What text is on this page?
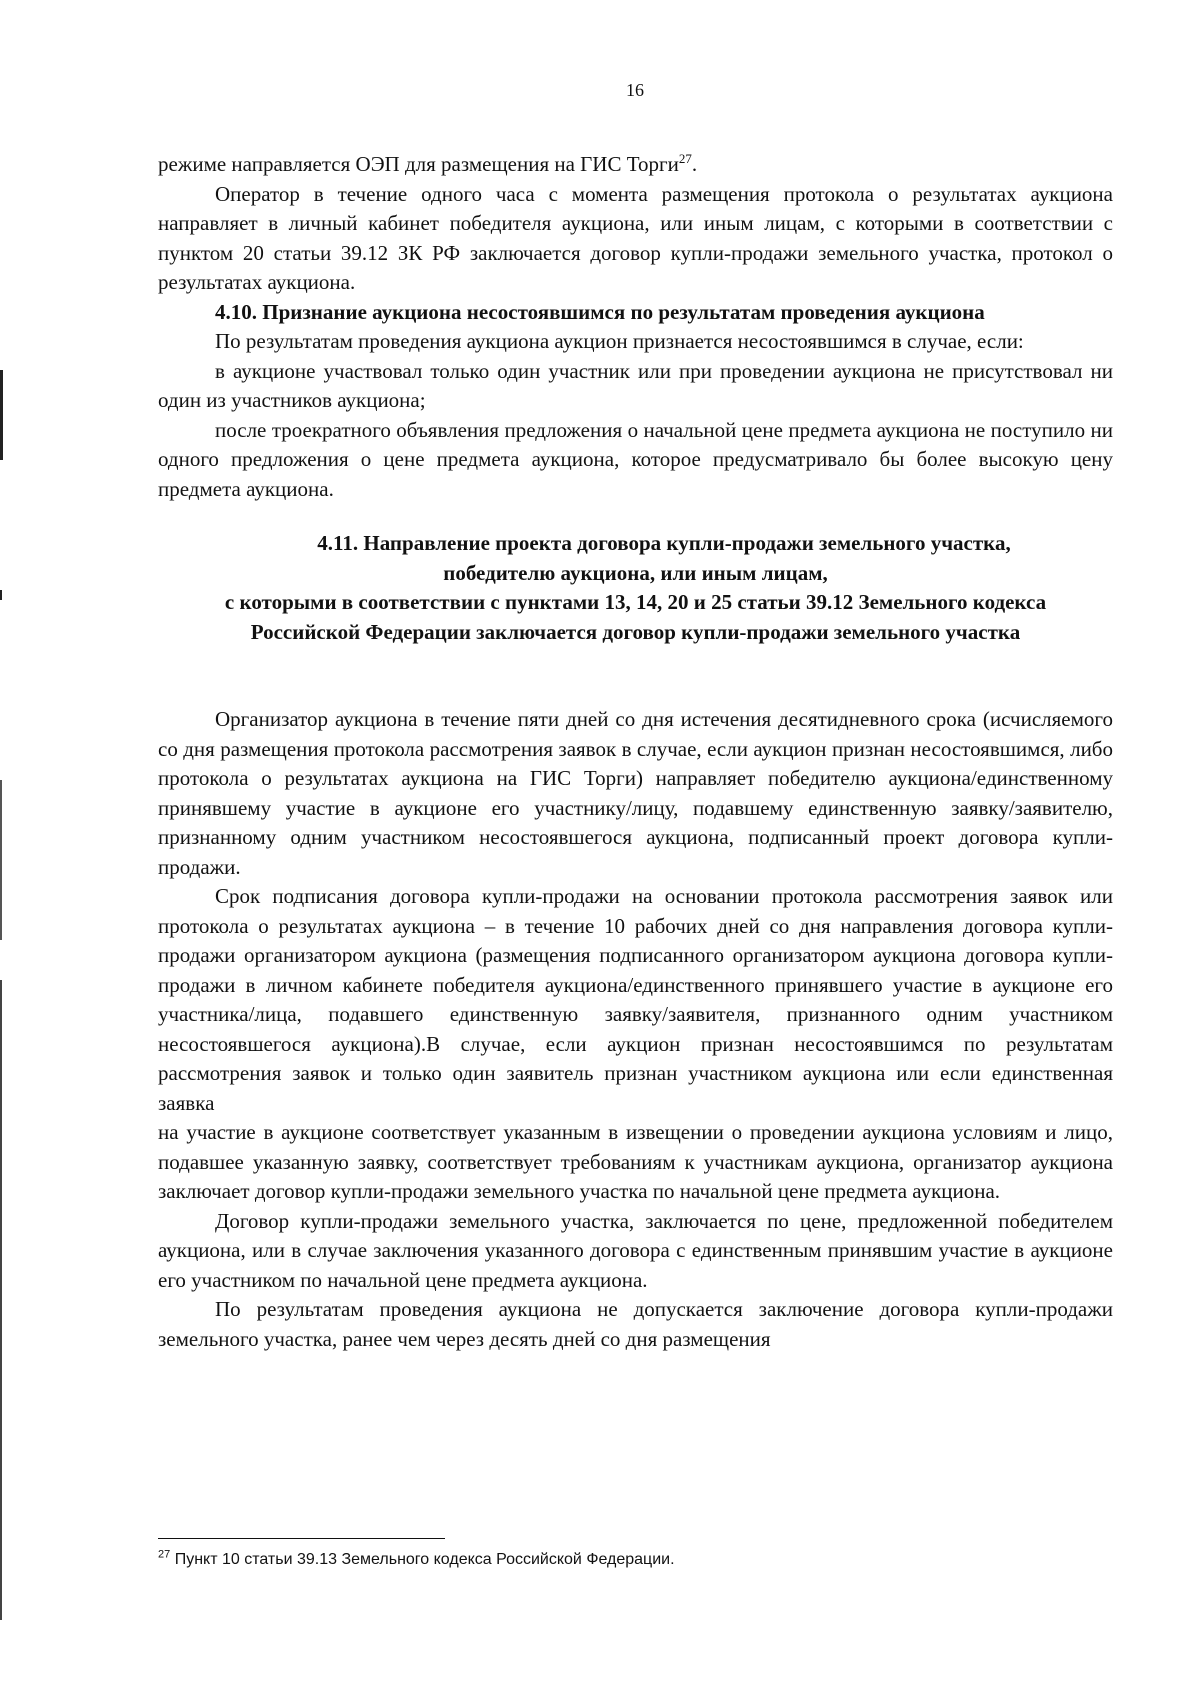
16

режиме направляется ОЭП для размещения на ГИС Торги$^{27}$.

Оператор в течение одного часа с момента размещения протокола о результатах аукциона направляет в личный кабинет победителя аукциона, или иным лицам, с которыми в соответствии с пунктом 20 статьи 39.12 ЗК РФ заключается договор купли-продажи земельного участка, протокол о результатах аукциона.

4.10. Признание аукциона несостоявшимся по результатам проведения аукциона

По результатам проведения аукциона аукцион признается несостоявшимся в случае, если:

в аукционе участвовал только один участник или при проведении аукциона не присутствовал ни один из участников аукциона;

после троекратного объявления предложения о начальной цене предмета аукциона не поступило ни одного предложения о цене предмета аукциона, которое предусматривало бы более высокую цену предмета аукциона.

4.11. Направление проекта договора купли-продажи земельного участка,
победителю аукциона, или иным лицам,
с которыми в соответствии с пунктами 13, 14, 20 и 25 статьи 39.12 Земельного кодекса
Российской Федерации заключается договор купли-продажи земельного участка

Организатор аукциона в течение пяти дней со дня истечения десятидневного срока (исчисляемого со дня размещения протокола рассмотрения заявок в случае, если аукцион признан несостоявшимся, либо протокола о результатах аукциона на ГИС Торги) направляет победителю аукциона/единственному принявшему участие в аукционе его участнику/лицу, подавшему единственную заявку/заявителю, признанному одним участником несостоявшегося аукциона, подписанный проект договора купли-продажи.

Срок подписания договора купли-продажи на основании протокола рассмотрения заявок или протокола о результатах аукциона – в течение 10 рабочих дней со дня направления договора купли-продажи организатором аукциона (размещения подписанного организатором аукциона договора купли-продажи в личном кабинете победителя аукциона/единственного принявшего участие в аукционе его участника/лица, подавшего единственную заявку/заявителя, признанного одним участником несостоявшегося аукциона).В случае, если аукцион признан несостоявшимся по результатам рассмотрения заявок и только один заявитель признан участником аукциона или если единственная заявка

на участие в аукционе соответствует указанным в извещении о проведении аукциона условиям и лицо, подавшее указанную заявку, соответствует требованиям к участникам аукциона, организатор аукциона заключает договор купли-продажи земельного участка по начальной цене предмета аукциона.

Договор купли-продажи земельного участка, заключается по цене, предложенной победителем аукциона, или в случае заключения указанного договора с единственным принявшим участие в аукционе его участником по начальной цене предмета аукциона.

По результатам проведения аукциона не допускается заключение договора купли-продажи земельного участка, ранее чем через десять дней со дня размещения

$^{27}$ Пункт 10 статьи 39.13 Земельного кодекса Российской Федерации.
